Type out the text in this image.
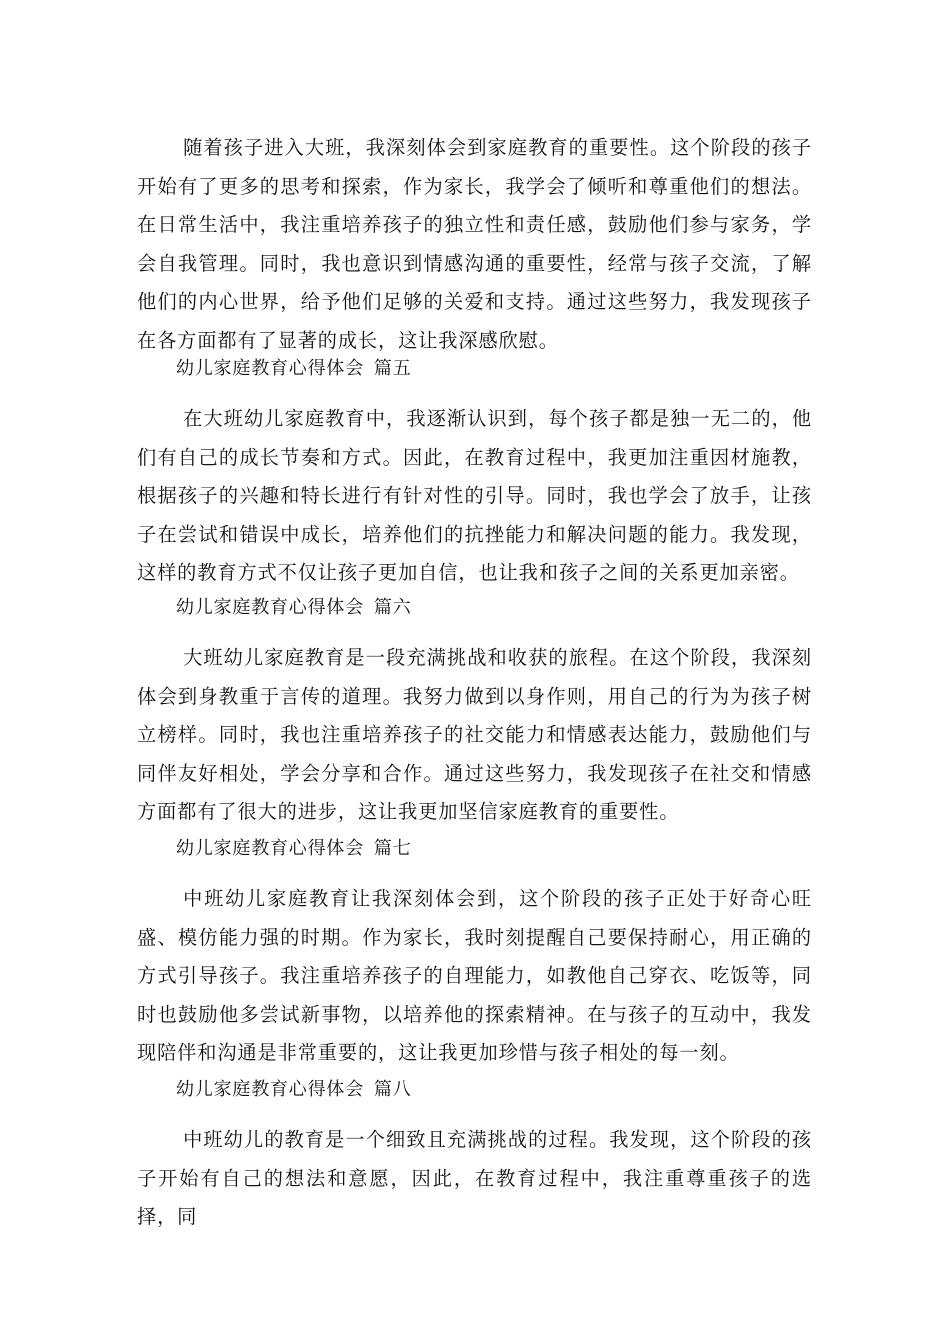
随着孩子进入大班，我深刻体会到家庭教育的重要性。这个阶段的孩子开始有了更多的思考和探索，作为家长，我学会了倾听和尊重他们的想法。在日常生活中，我注重培养孩子的独立性和责任感，鼓励他们参与家务，学会自我管理。同时，我也意识到情感沟通的重要性，经常与孩子交流，了解他们的内心世界，给予他们足够的关爱和支持。通过这些努力，我发现孩子在各方面都有了显著的成长，这让我深感欣慰。

幼儿家庭教育心得体会 篇五

在大班幼儿家庭教育中，我逐渐认识到，每个孩子都是独一无二的，他们有自己的成长节奏和方式。因此，在教育过程中，我更加注重因材施教，根据孩子的兴趣和特长进行有针对性的引导。同时，我也学会了放手，让孩子在尝试和错误中成长，培养他们的抗挫能力和解决问题的能力。我发现，这样的教育方式不仅让孩子更加自信，也让我和孩子之间的关系更加亲密。

幼儿家庭教育心得体会 篇六

大班幼儿家庭教育是一段充满挑战和收获的旅程。在这个阶段，我深刻体会到身教重于言传的道理。我努力做到以身作则，用自己的行为为孩子树立榜样。同时，我也注重培养孩子的社交能力和情感表达能力，鼓励他们与同伴友好相处，学会分享和合作。通过这些努力，我发现孩子在社交和情感方面都有了很大的进步，这让我更加坚信家庭教育的重要性。

幼儿家庭教育心得体会 篇七

中班幼儿家庭教育让我深刻体会到，这个阶段的孩子正处于好奇心旺盛、模仿能力强的时期。作为家长，我时刻提醒自己要保持耐心，用正确的方式引导孩子。我注重培养孩子的自理能力，如教他自己穿衣、吃饭等，同时也鼓励他多尝试新事物，以培养他的探索精神。在与孩子的互动中，我发现陪伴和沟通是非常重要的，这让我更加珍惜与孩子相处的每一刻。

幼儿家庭教育心得体会 篇八

中班幼儿的教育是一个细致且充满挑战的过程。我发现，这个阶段的孩子开始有自己的想法和意愿，因此，在教育过程中，我注重尊重孩子的选择，同
